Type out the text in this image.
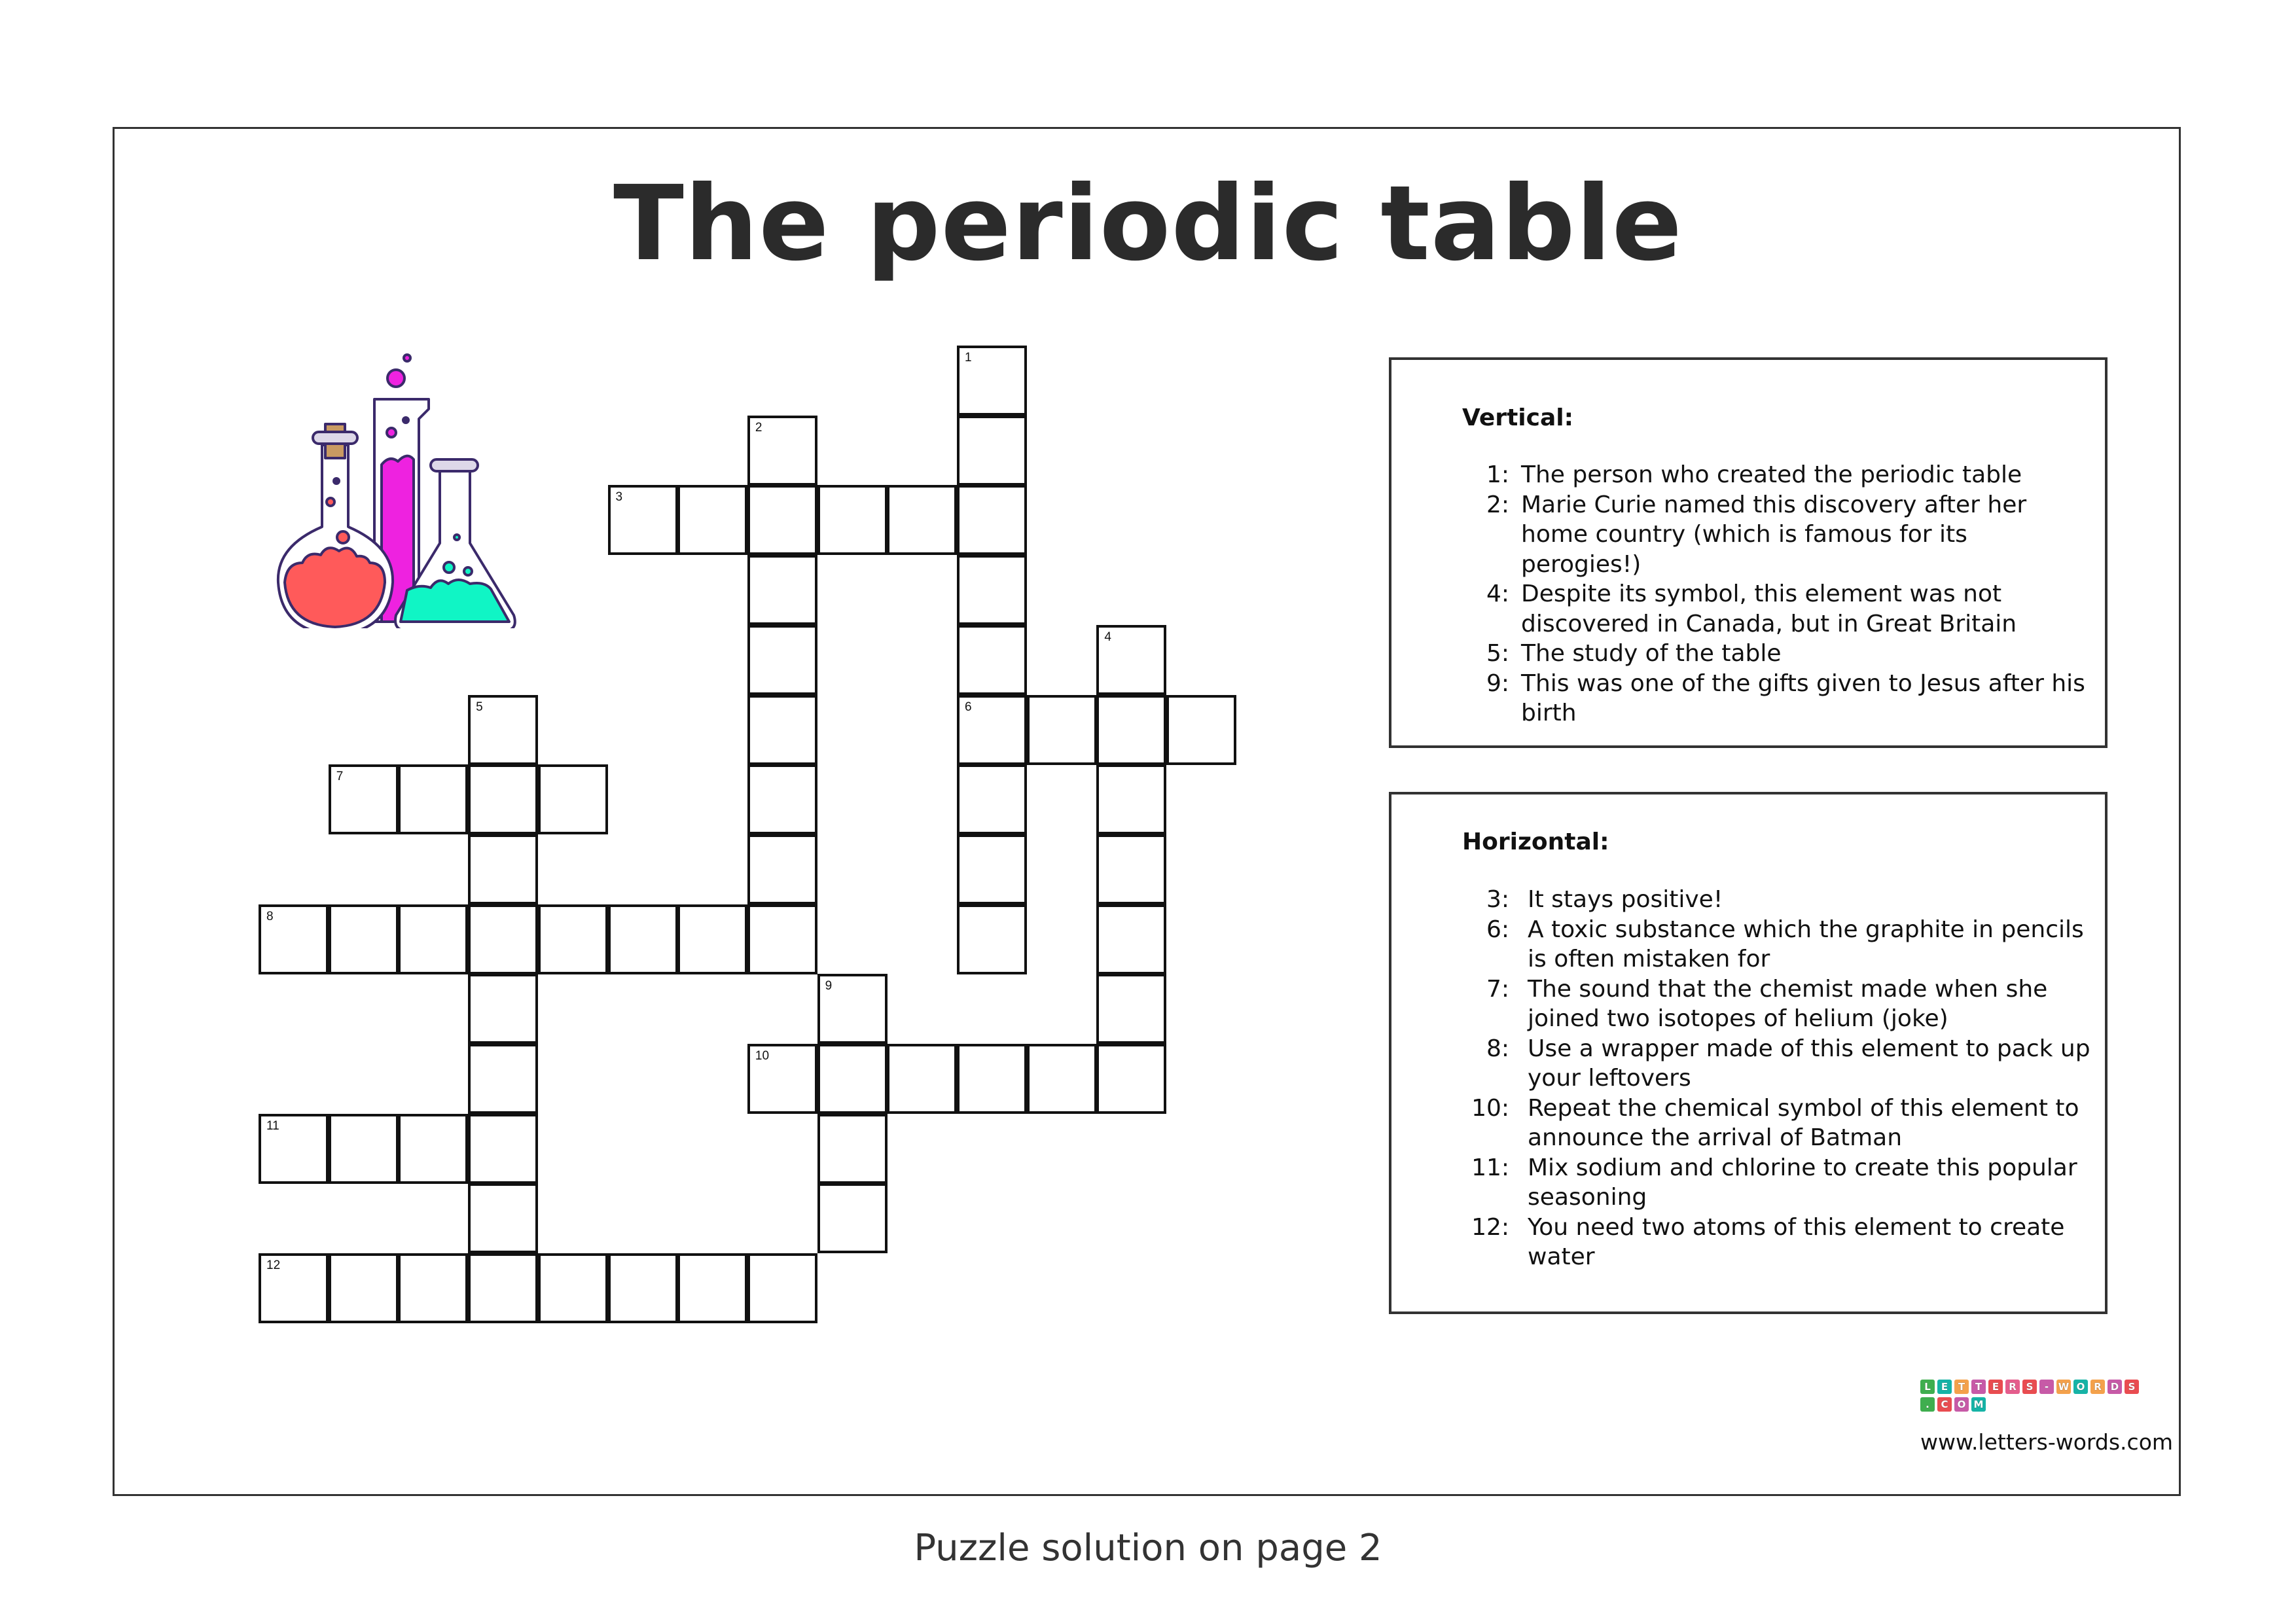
The periodic table
1
6
2
3
4
5
7
8
9
10
11
12
Vertical:
1: The person who created the periodic table
2: Marie Curie named this discovery after her home country (which is famous for its perogies!)
4: Despite its symbol, this element was not discovered in Canada, but in Great Britain
5: The study of the table
9: This was one of the gifts given to Jesus after his birth
Horizontal:
3: It stays positive!
6: A toxic substance which the graphite in pencils is often mistaken for
7: The sound that the chemist made when she joined two isotopes of helium (joke)
8: Use a wrapper made of this element to pack up your leftovers
10: Repeat the chemical symbol of this element to announce the arrival of Batman
11: Mix sodium and chlorine to create this popular seasoning
12: You need two atoms of this element to create water
L E T T E R S - W O R D S
. C O M
www.letters-words.com
Puzzle solution on page 2
